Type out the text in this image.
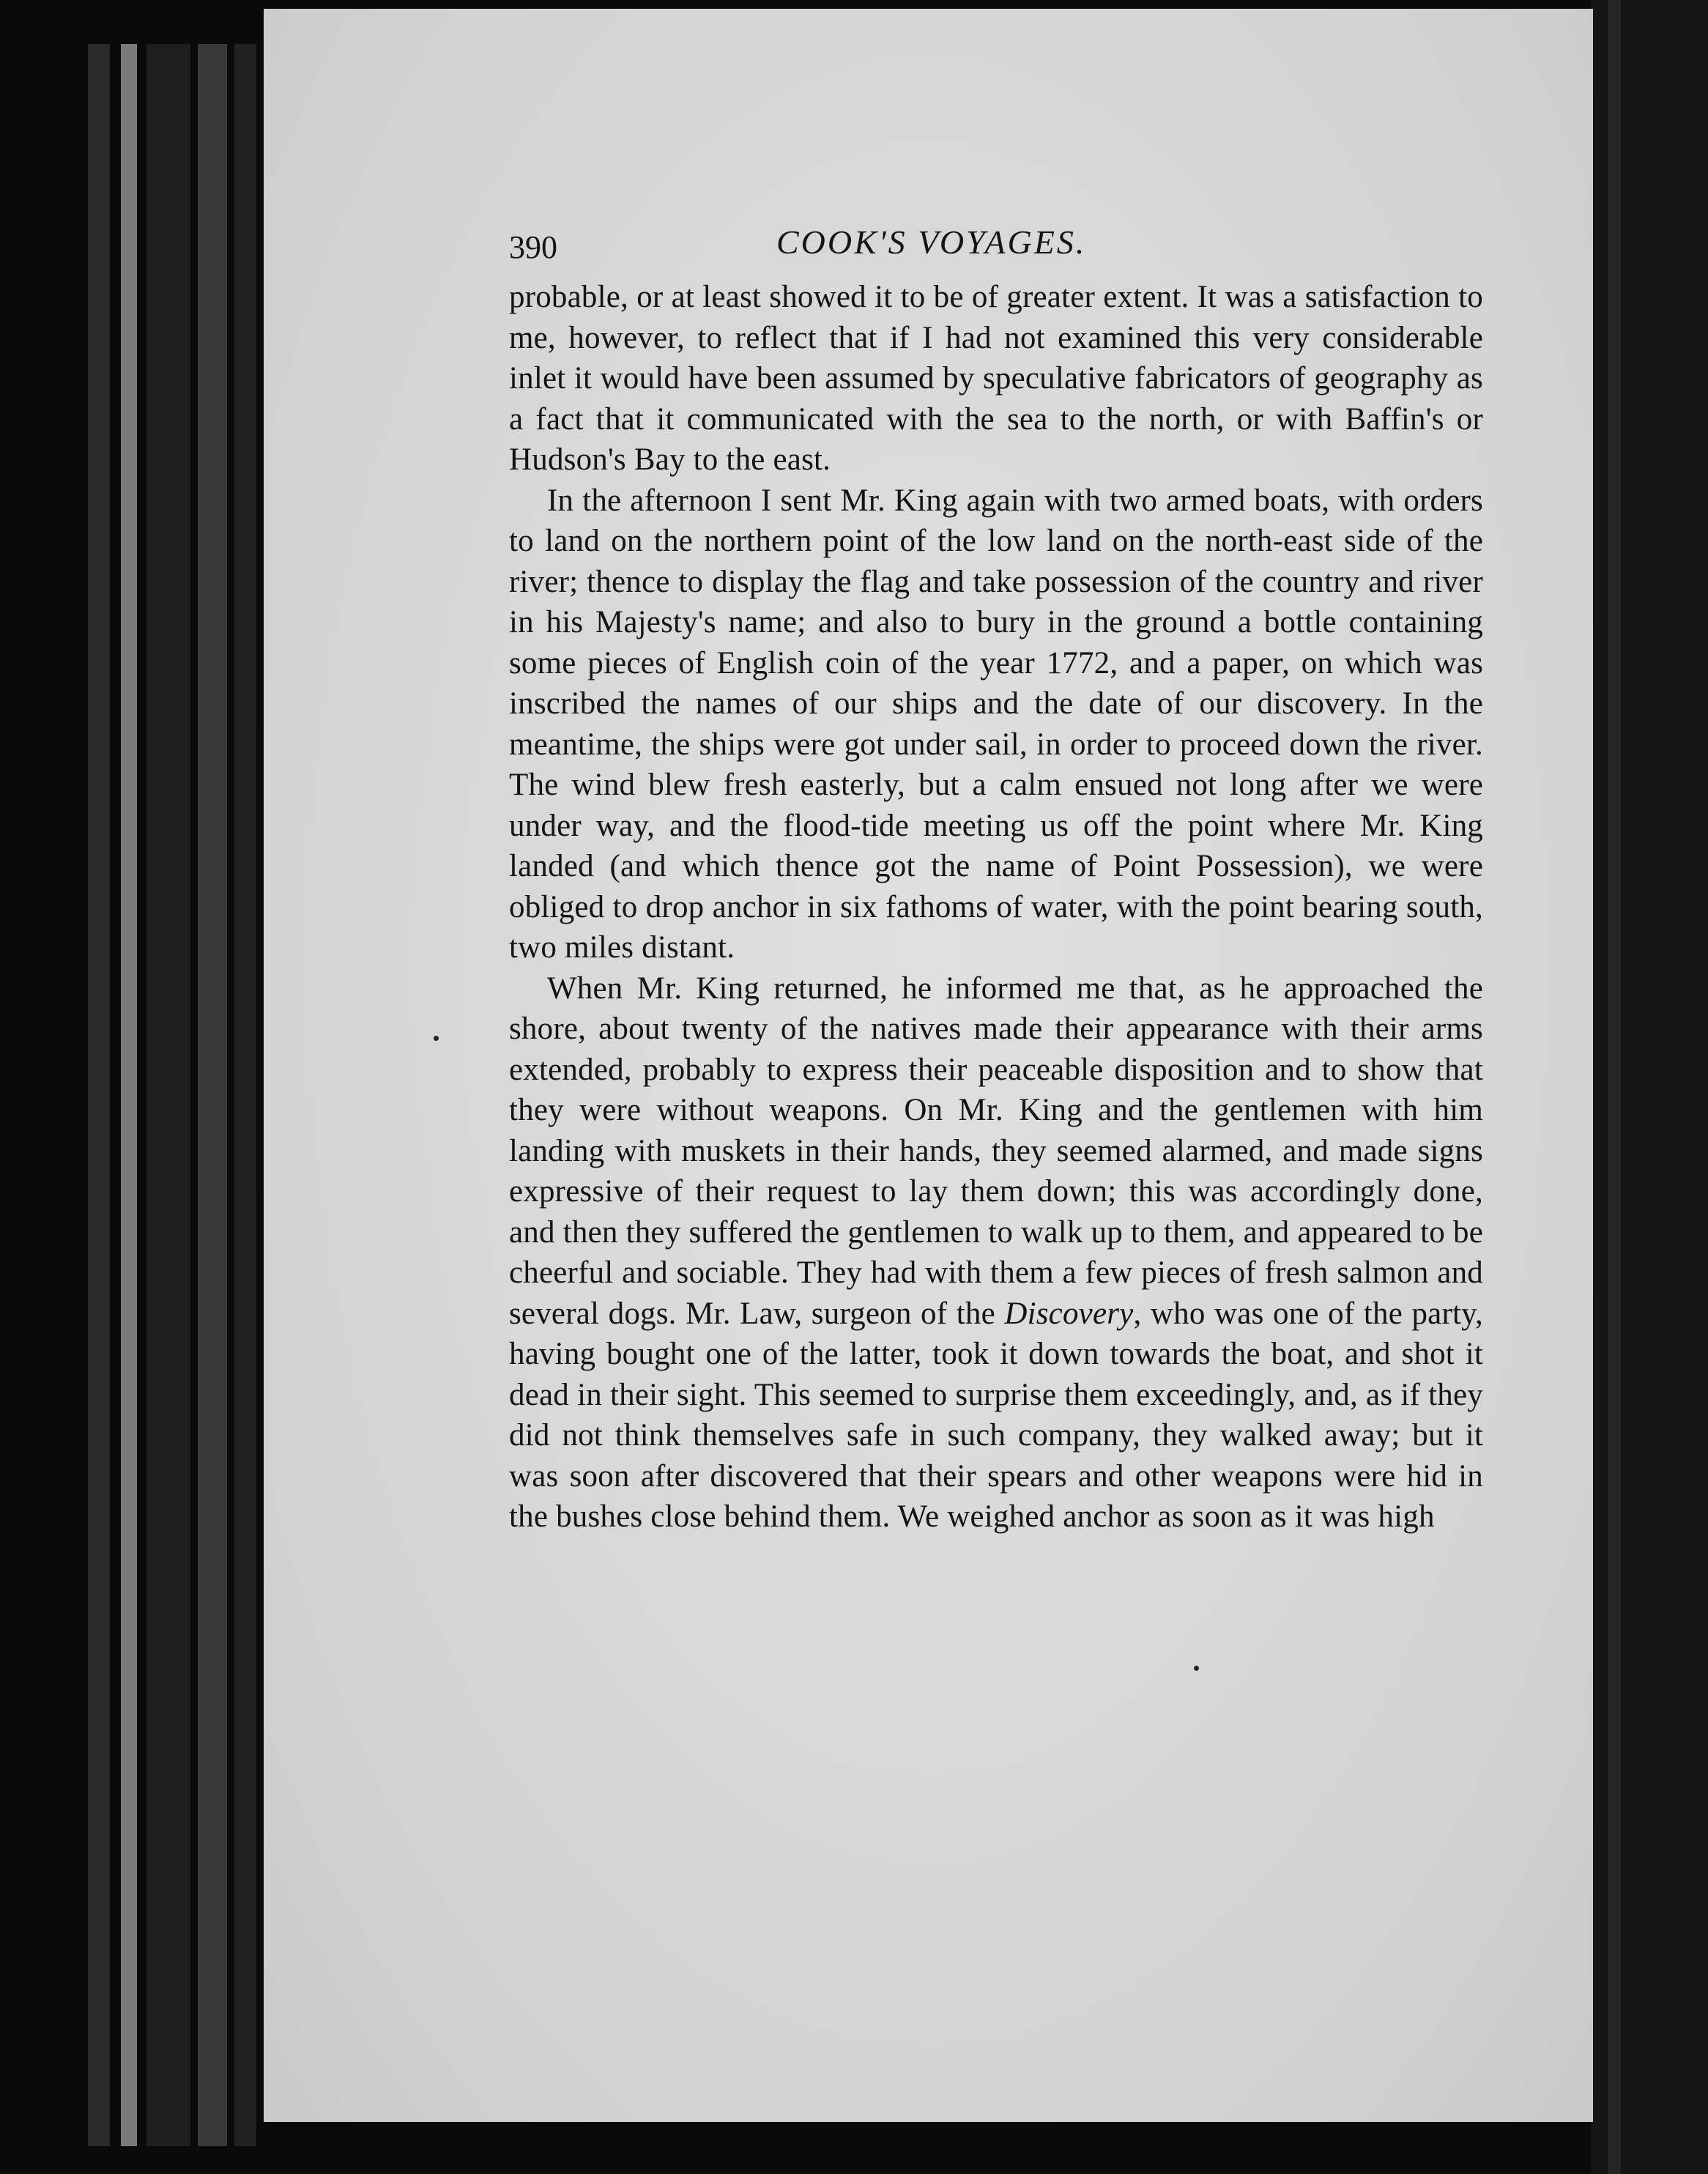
390	COOK'S VOYAGES.

probable, or at least showed it to be of greater extent. It was a satisfaction to me, however, to reflect that if I had not examined this very considerable inlet it would have been assumed by speculative fabricators of geography as a fact that it communicated with the sea to the north, or with Baffin's or Hudson's Bay to the east.

In the afternoon I sent Mr. King again with two armed boats, with orders to land on the northern point of the low land on the north-east side of the river; thence to display the flag and take possession of the country and river in his Majesty's name; and also to bury in the ground a bottle containing some pieces of English coin of the year 1772, and a paper, on which was inscribed the names of our ships and the date of our discovery. In the meantime, the ships were got under sail, in order to proceed down the river. The wind blew fresh easterly, but a calm ensued not long after we were under way, and the flood-tide meeting us off the point where Mr. King landed (and which thence got the name of Point Possession), we were obliged to drop anchor in six fathoms of water, with the point bearing south, two miles distant.

When Mr. King returned, he informed me that, as he approached the shore, about twenty of the natives made their appearance with their arms extended, probably to express their peaceable disposition and to show that they were without weapons. On Mr. King and the gentlemen with him landing with muskets in their hands, they seemed alarmed, and made signs expressive of their request to lay them down; this was accordingly done, and then they suffered the gentlemen to walk up to them, and appeared to be cheerful and sociable. They had with them a few pieces of fresh salmon and several dogs. Mr. Law, surgeon of the Discovery, who was one of the party, having bought one of the latter, took it down towards the boat, and shot it dead in their sight. This seemed to surprise them exceedingly, and, as if they did not think themselves safe in such company, they walked away; but it was soon after discovered that their spears and other weapons were hid in the bushes close behind them. We weighed anchor as soon as it was high
